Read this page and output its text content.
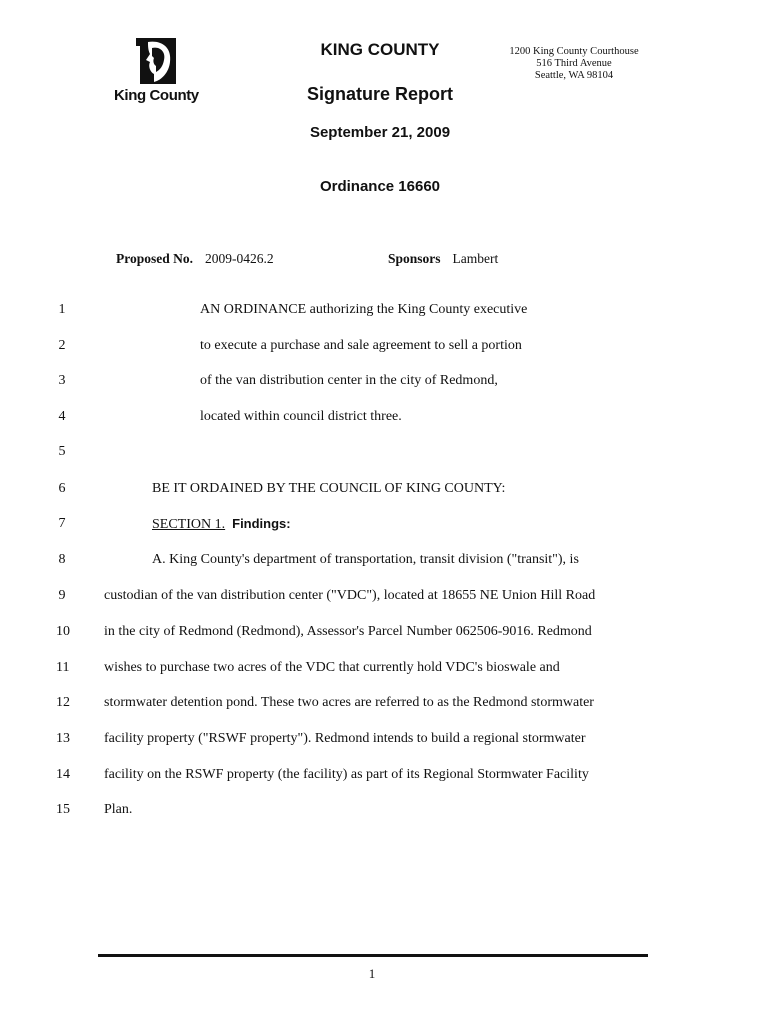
King County
KING COUNTY
Signature Report
September 21, 2009
Ordinance 16660
1200 King County Courthouse
516 Third Avenue
Seattle, WA 98104
Proposed No. 2009-0426.2	Sponsors Lambert
1	AN ORDINANCE authorizing the King County executive
2	to execute a purchase and sale agreement to sell a portion
3	of the van distribution center in the city of Redmond,
4	located within council district three.
5
6	BE IT ORDAINED BY THE COUNCIL OF KING COUNTY:
7	SECTION 1. Findings:
8	A. King County's department of transportation, transit division ("transit"), is
9	custodian of the van distribution center ("VDC"), located at 18655 NE Union Hill Road
10 in the city of Redmond (Redmond), Assessor's Parcel Number 062506-9016. Redmond
11 wishes to purchase two acres of the VDC that currently hold VDC's bioswale and
12 stormwater detention pond. These two acres are referred to as the Redmond stormwater
13 facility property ("RSWF property"). Redmond intends to build a regional stormwater
14 facility on the RSWF property (the facility) as part of its Regional Stormwater Facility
15 Plan.
1
